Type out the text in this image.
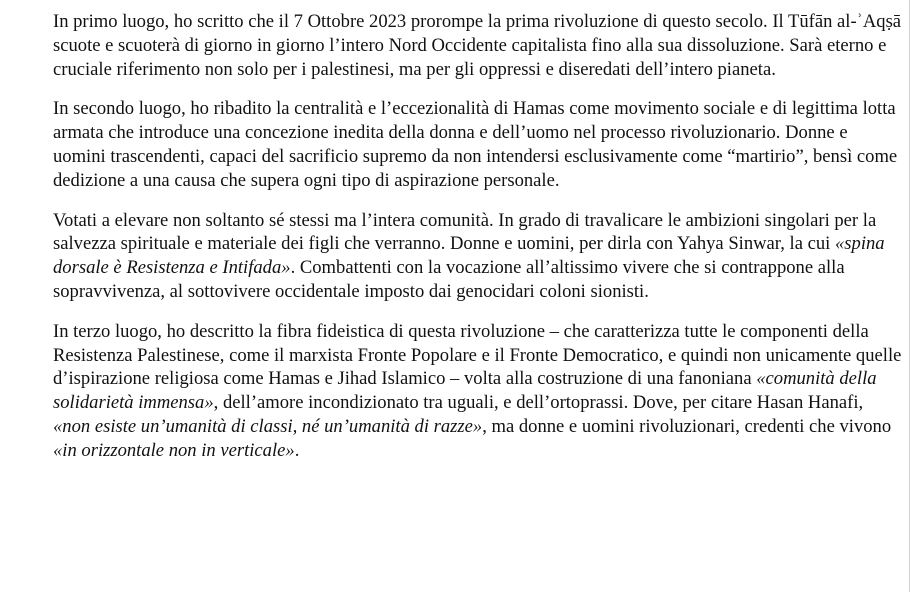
In primo luogo, ho scritto che il 7 Ottobre 2023 prorompe la prima rivoluzione di questo secolo. Il Tūfān al-ʾAqṣā scuote e scuoterà di giorno in giorno l’intero Nord Occidente capitalista fino alla sua dissoluzione. Sarà eterno e cruciale riferimento non solo per i palestinesi, ma per gli oppressi e diseredati dell’intero pianeta.

In secondo luogo, ho ribadito la centralità e l’eccezionalità di Hamas come movimento sociale e di legittima lotta armata che introduce una concezione inedita della donna e dell’uomo nel processo rivoluzionario. Donne e uomini trascendenti, capaci del sacrificio supremo da non intendersi esclusivamente come “martirio”, bensì come dedizione a una causa che supera ogni tipo di aspirazione personale.

Votati a elevare non soltanto sé stessi ma l’intera comunità. In grado di travalicare le ambizioni singolari per la salvezza spirituale e materiale dei figli che verranno. Donne e uomini, per dirla con Yahya Sinwar, la cui «spina dorsale è Resistenza e Intifada». Combattenti con la vocazione all’altissimo vivere che si contrappone alla sopravvivenza, al sottovivere occidentale imposto dai genocidari coloni sionisti.

In terzo luogo, ho descritto la fibra fideistica di questa rivoluzione – che caratterizza tutte le componenti della Resistenza Palestinese, come il marxista Fronte Popolare e il Fronte Democratico, e quindi non unicamente quelle d’ispirazione religiosa come Hamas e Jihad Islamico – volta alla costruzione di una fanoniana «comunità della solidarietà immensa», dell’amore incondizionato tra uguali, e dell’ortoprassi. Dove, per citare Hasan Hanafi, «non esiste un’umanità di classi, né un’umanità di razze», ma donne e uomini rivoluzionari, credenti che vivono «in orizzontale non in verticale».
